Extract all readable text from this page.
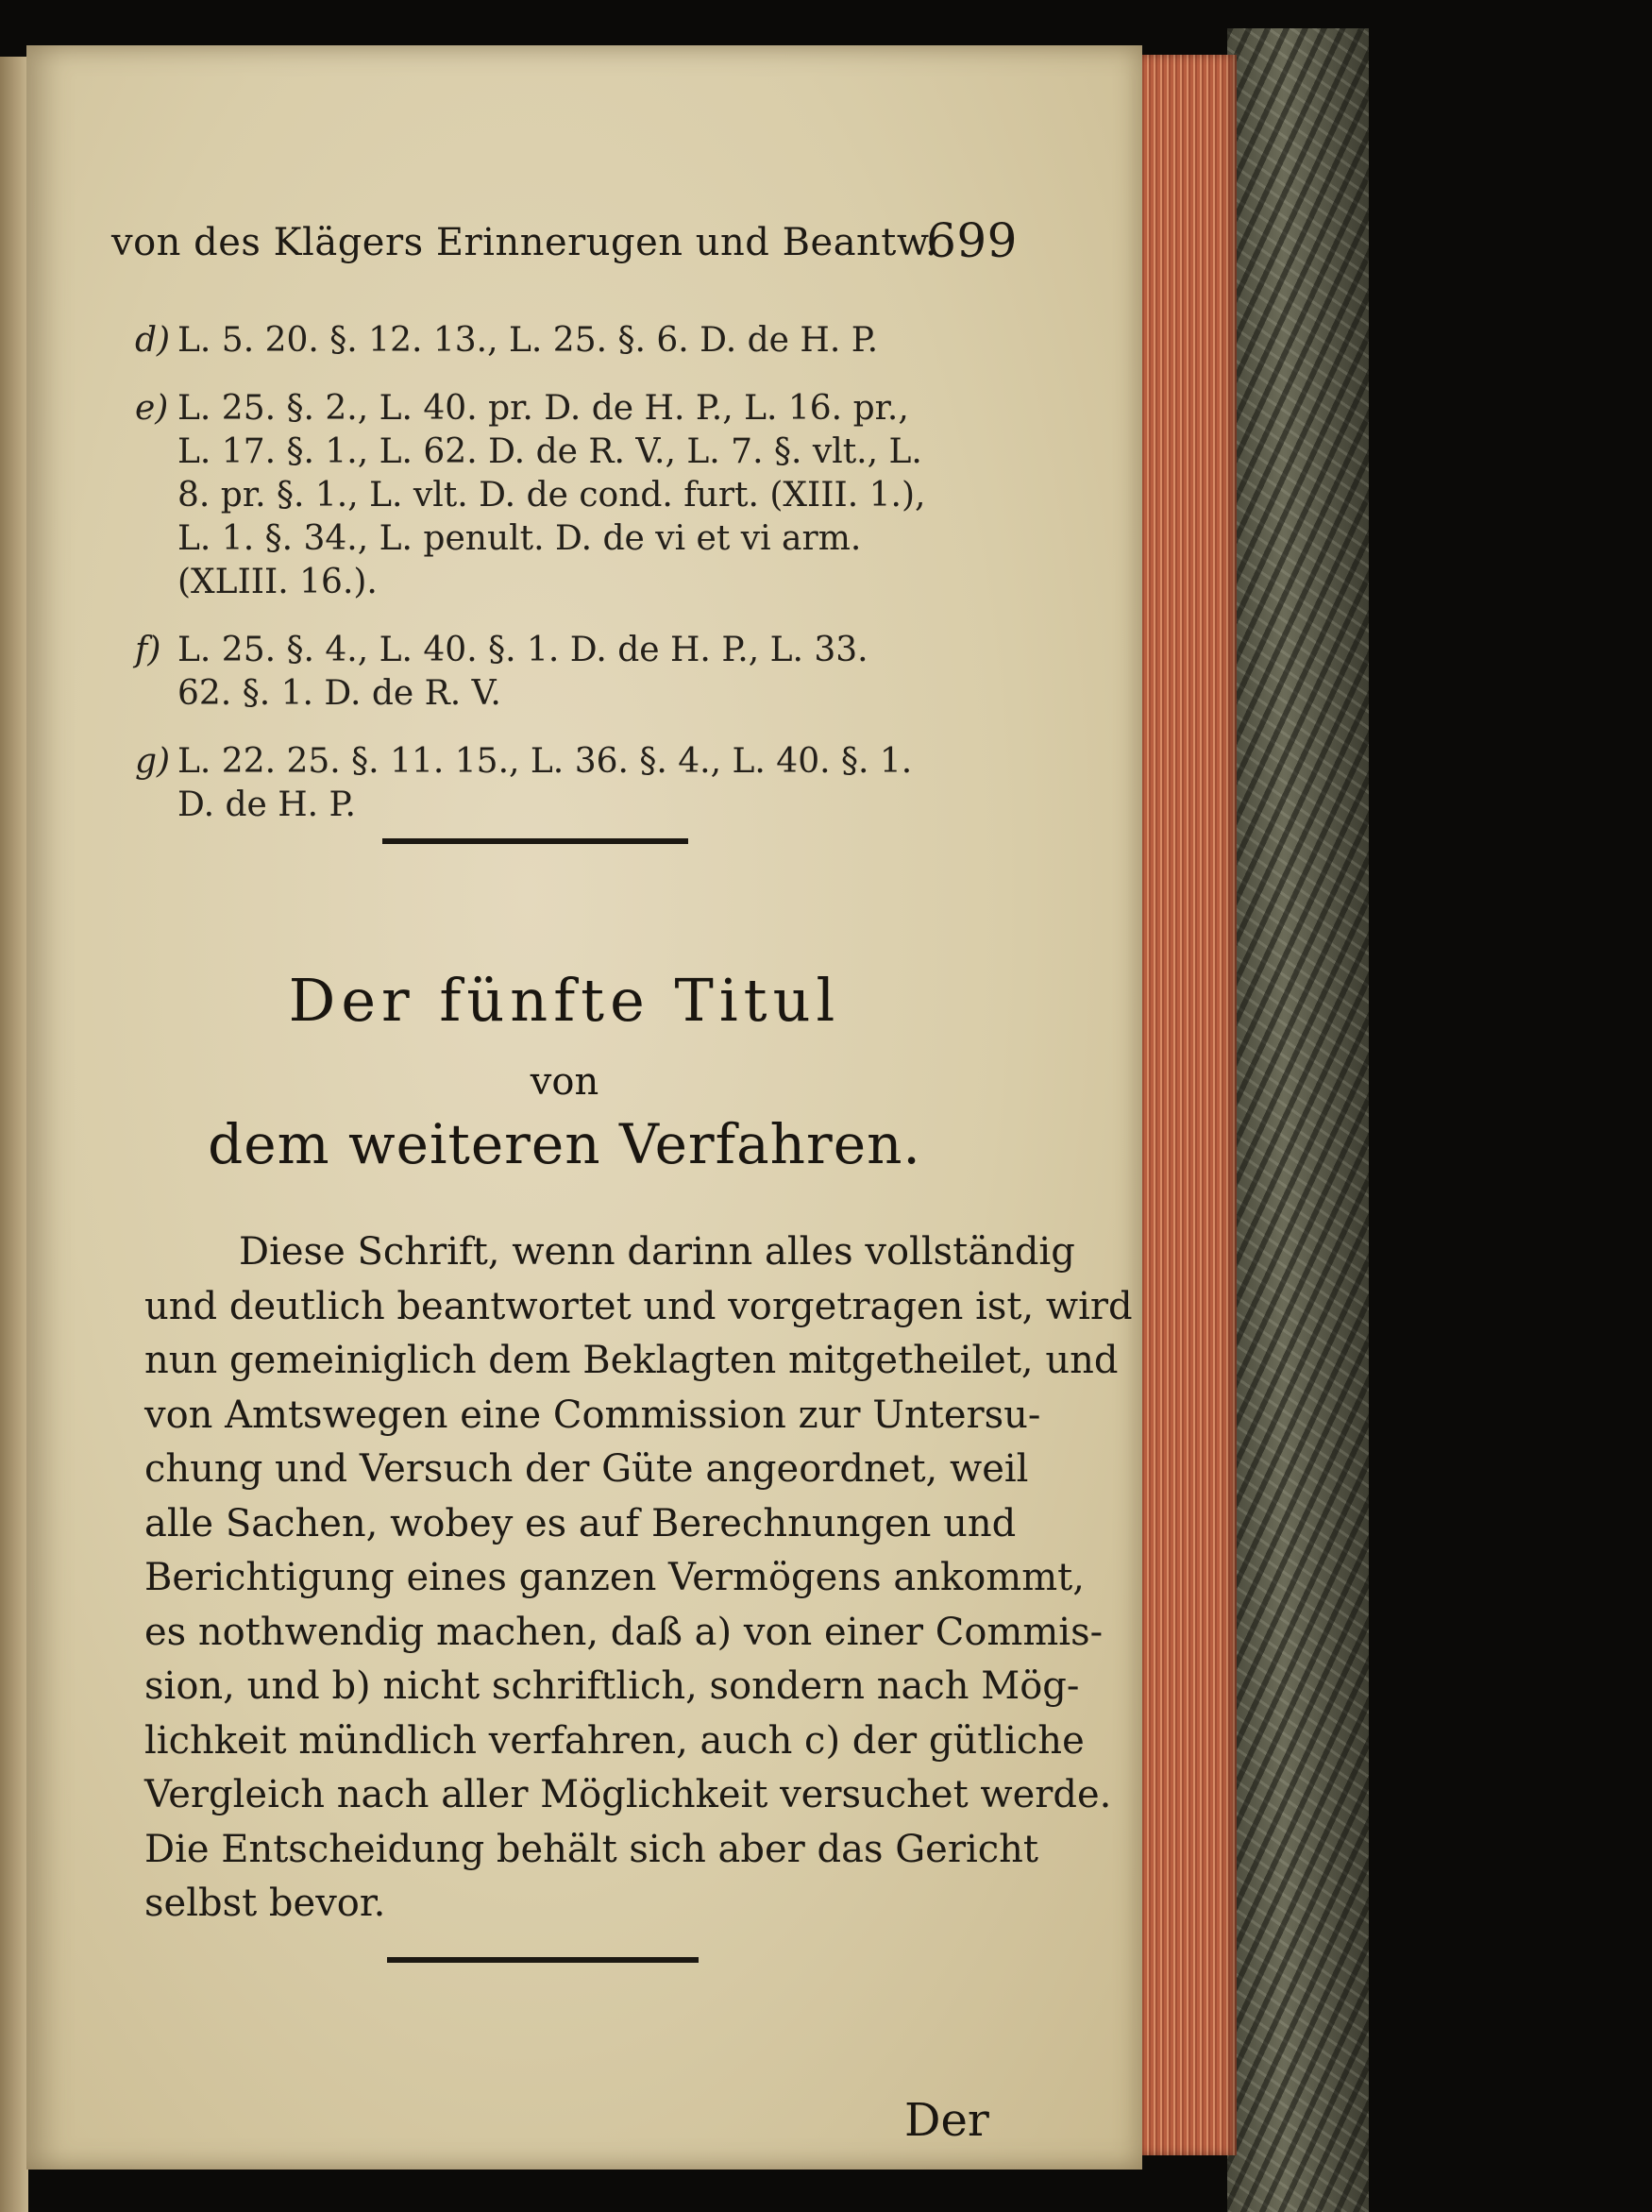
von des Klägers Erinnerugen und Beantw.
699
d) L. 5. 20. §. 12. 13., L. 25. §. 6. D. de H. P.
e) L. 25. §. 2., L. 40. pr. D. de H. P., L. 16. pr.,
L. 17. §. 1., L. 62. D. de R. V., L. 7. §. vlt., L.
8. pr. §. 1., L. vlt. D. de cond. furt. (XIII. 1.),
L. 1. §. 34., L. penult. D. de vi et vi arm.
(XLIII. 16.).
f) L. 25. §. 4., L. 40. §. 1. D. de H. P., L. 33.
62. §. 1. D. de R. V.
g) L. 22. 25. §. 11. 15., L. 36. §. 4., L. 40. §. 1.
D. de H. P.
Der fünfte Titul
von
dem weiteren Verfahren.
Diese Schrift, wenn darinn alles vollständig
und deutlich beantwortet und vorgetragen ist, wird
nun gemeiniglich dem Beklagten mitgetheilet, und
von Amtswegen eine Commission zur Untersu-
chung und Versuch der Güte angeordnet, weil
alle Sachen, wobey es auf Berechnungen und
Berichtigung eines ganzen Vermögens ankommt,
es nothwendig machen, daß a) von einer Commis-
sion, und b) nicht schriftlich, sondern nach Mög-
lichkeit mündlich verfahren, auch c) der gütliche
Vergleich nach aller Möglichkeit versuchet werde.
Die Entscheidung behält sich aber das Gericht
selbst bevor.
Der
